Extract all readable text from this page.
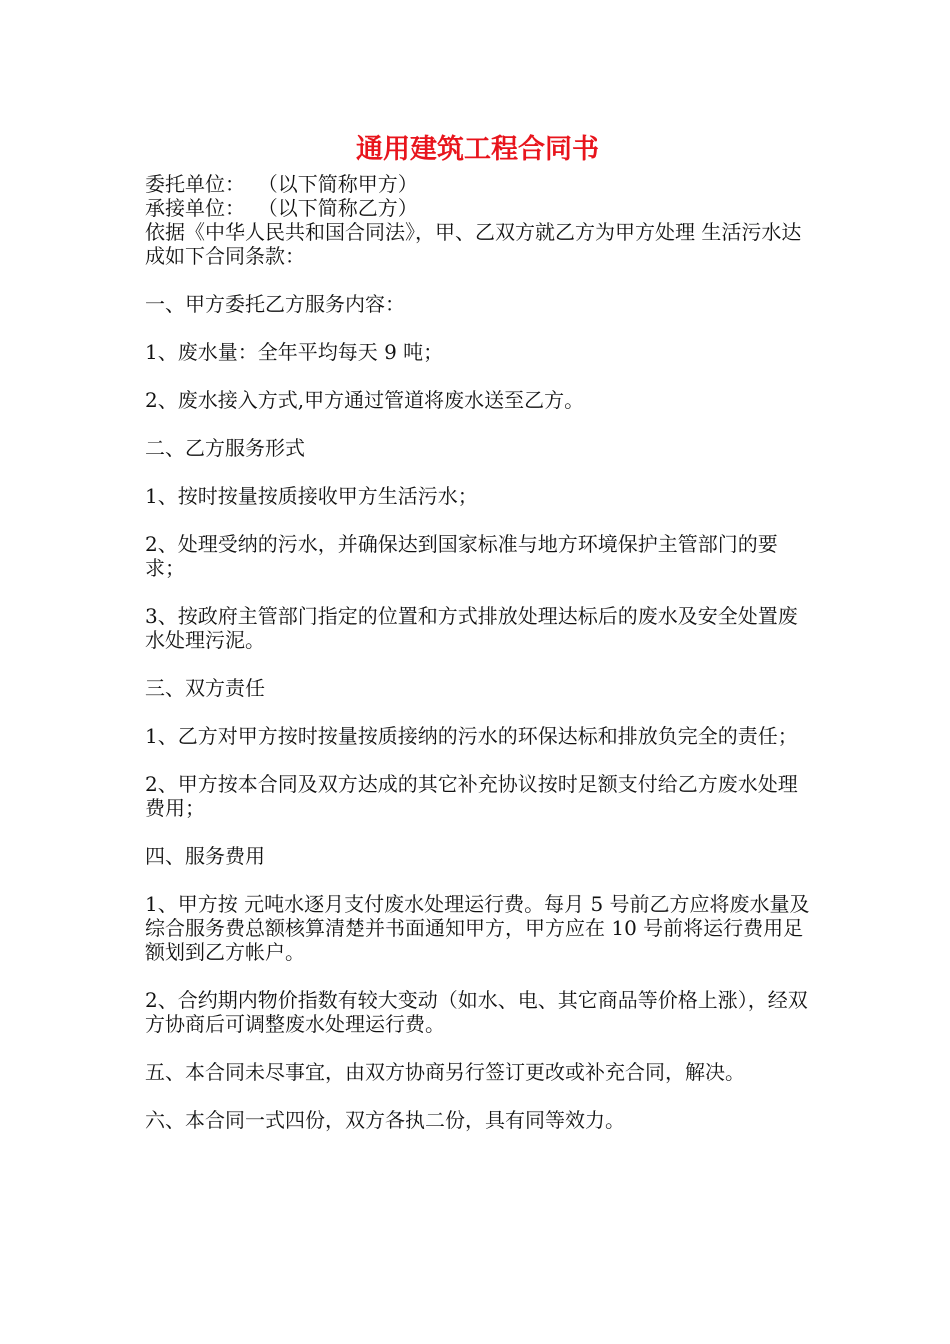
通用建筑工程合同书

委托单位：  （以下简称甲方）

承接单位：  （以下简称乙方）

依据《中华人民共和国合同法》，甲、乙双方就乙方为甲方处理 生活污水达成如下合同条款：

一、甲方委托乙方服务内容：

1、废水量：全年平均每天 9 吨；

2、废水接入方式,甲方通过管道将废水送至乙方。

二、乙方服务形式

1、按时按量按质接收甲方生活污水；

2、处理受纳的污水，并确保达到国家标准与地方环境保护主管部门的要求；

3、按政府主管部门指定的位置和方式排放处理达标后的废水及安全处置废水处理污泥。

三、双方责任

1、乙方对甲方按时按量按质接纳的污水的环保达标和排放负完全的责任；

2、甲方按本合同及双方达成的其它补充协议按时足额支付给乙方废水处理费用；

四、服务费用

1、甲方按 元吨水逐月支付废水处理运行费。每月 5 号前乙方应将废水量及综合服务费总额核算清楚并书面通知甲方，甲方应在 10 号前将运行费用足额划到乙方帐户。

2、合约期内物价指数有较大变动（如水、电、其它商品等价格上涨），经双方协商后可调整废水处理运行费。

五、本合同未尽事宜，由双方协商另行签订更改或补充合同，解决。

六、本合同一式四份，双方各执二份，具有同等效力。
